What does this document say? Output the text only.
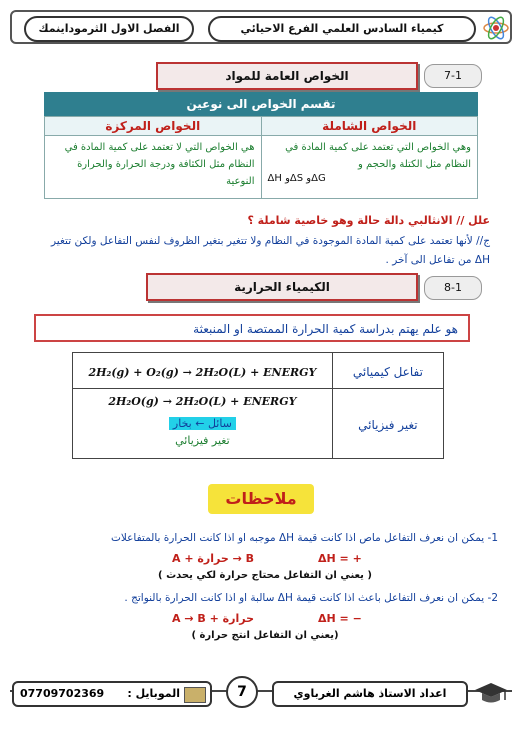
الفصل الاول الثرموداينمك	كيمياء السادس العلمي الفرع الاحيائي
7-1
الخواص العامة للمواد
تقسم الخواص الى نوعين
الخواص المركزة	الخواص الشاملة

هي الخواص التي لا تعتمد على كمية المادة في النظام مثل الكثافة ودرجة الحرارة والحرارة النوعية	وهي الخواص التي تعتمد على كمية المادة في النظام مثل الكتلة والحجم و
ΔH وΔS وΔG
علل // الانثالبي دالة حالة وهو خاصية شاملة ؟
ج// لأنها تعتمد على كمية المادة الموجودة في النظام ولا تتغير بتغير الظروف لنفس التفاعل ولكن تتغير ΔH من تفاعل الى آخر .
8-1
الكيمياء الحرارية
هو علم يهتم بدراسة كمية الحرارة الممتصة او المنبعثة
2H₂(g) + O₂(g) → 2H₂O(L) + ENERGY	تفاعل كيميائي

2H₂O(g) → 2H₂O(L) + ENERGY
سائل ← بخار
تغير فيزيائي	تغير فيزيائي
ملاحظات
1- يمكن ان نعرف التفاعل ماص اذا كانت قيمة ΔH موجبه او اذا كانت الحرارة بالمتفاعلات
A + حرارة → B	ΔH = +
( يعني ان التفاعل محتاج حرارة لكي يحدث )
2- يمكن ان نعرف التفاعل باعث اذا كانت قيمة ΔH سالبة او اذا كانت الحرارة بالنواتج .
A → B + حرارة	ΔH = −
(يعني ان التفاعل انتج حرارة )
07709702369 الموبايل :	7	اعداد الاستاذ هاشم الغرباوي
